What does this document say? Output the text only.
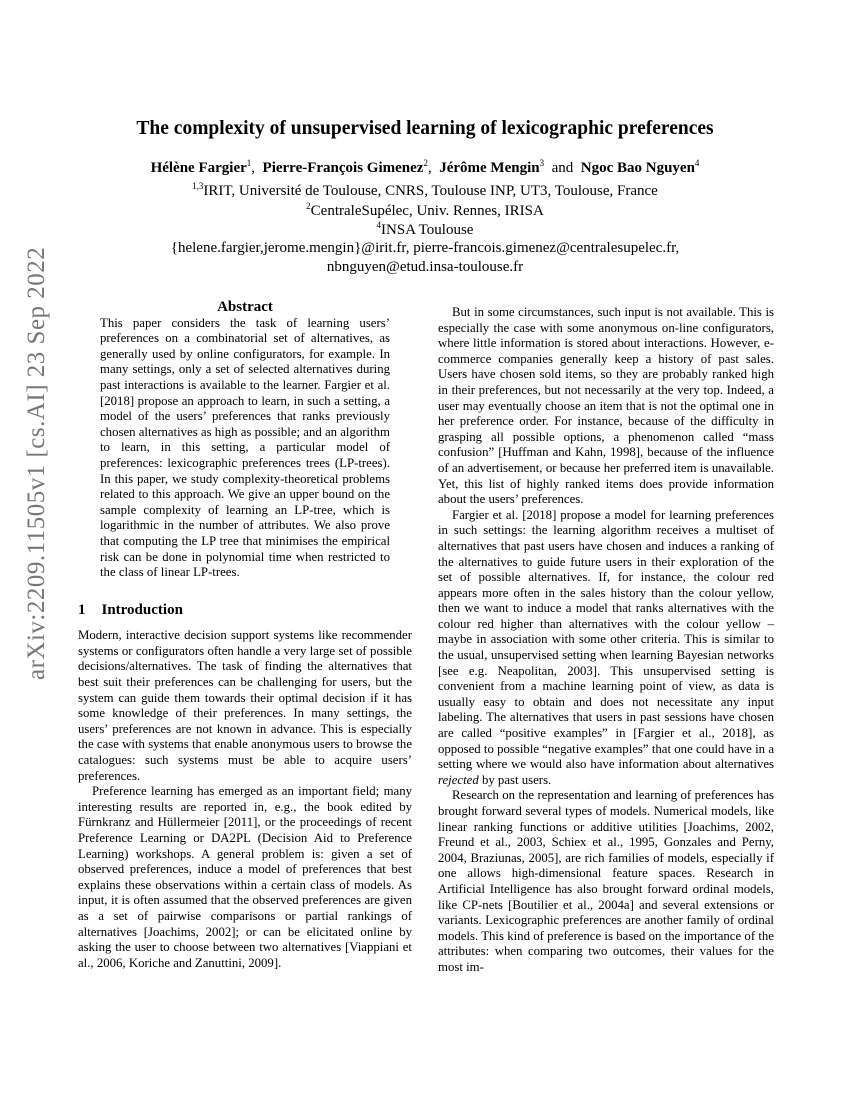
arXiv:2209.11505v1 [cs.AI] 23 Sep 2022
The complexity of unsupervised learning of lexicographic preferences
Hélène Fargier$^1$, Pierre-François Gimenez$^2$, Jérôme Mengin$^3$ and Ngoc Bao Nguyen$^4$
$^{1,3}$IRIT, Université de Toulouse, CNRS, Toulouse INP, UT3, Toulouse, France
$^2$CentraleSupélec, Univ. Rennes, IRISA
$^4$INSA Toulouse
{helene.fargier,jerome.mengin}@irit.fr, pierre-francois.gimenez@centralesupelec.fr,
nbnguyen@etud.insa-toulouse.fr

Abstract

This paper considers the task of learning users’ preferences on a combinatorial set of alternatives, as generally used by online configurators, for example. In many settings, only a set of selected alternatives during past interactions is available to the learner. Fargier et al. [2018] propose an approach to learn, in such a setting, a model of the users’ preferences that ranks previously chosen alternatives as high as possible; and an algorithm to learn, in this setting, a particular model of preferences: lexicographic preferences trees (LP-trees). In this paper, we study complexity-theoretical problems related to this approach. We give an upper bound on the sample complexity of learning an LP-tree, which is logarithmic in the number of attributes. We also prove that computing the LP tree that minimises the empirical risk can be done in polynomial time when restricted to the class of linear LP-trees.

1 Introduction

Modern, interactive decision support systems like recommender systems or configurators often handle a very large set of possible decisions/alternatives. The task of finding the alternatives that best suit their preferences can be challenging for users, but the system can guide them towards their optimal decision if it has some knowledge of their preferences. In many settings, the users’ preferences are not known in advance. This is especially the case with systems that enable anonymous users to browse the catalogues: such systems must be able to acquire users’ preferences.

Preference learning has emerged as an important field; many interesting results are reported in, e.g., the book edited by Fürnkranz and Hüllermeier [2011], or the proceedings of recent Preference Learning or DA2PL (Decision Aid to Preference Learning) workshops. A general problem is: given a set of observed preferences, induce a model of preferences that best explains these observations within a certain class of models. As input, it is often assumed that the observed preferences are given as a set of pairwise comparisons or partial rankings of alternatives [Joachims, 2002]; or can be elicitated online by asking the user to choose between two alternatives [Viappiani et al., 2006, Koriche and Zanuttini, 2009].

But in some circumstances, such input is not available. This is especially the case with some anonymous on-line configurators, where little information is stored about interactions. However, e-commerce companies generally keep a history of past sales. Users have chosen sold items, so they are probably ranked high in their preferences, but not necessarily at the very top. Indeed, a user may eventually choose an item that is not the optimal one in her preference order. For instance, because of the difficulty in grasping all possible options, a phenomenon called “mass confusion” [Huffman and Kahn, 1998], because of the influence of an advertisement, or because her preferred item is unavailable. Yet, this list of highly ranked items does provide information about the users’ preferences.

Fargier et al. [2018] propose a model for learning preferences in such settings: the learning algorithm receives a multiset of alternatives that past users have chosen and induces a ranking of the alternatives to guide future users in their exploration of the set of possible alternatives. If, for instance, the colour red appears more often in the sales history than the colour yellow, then we want to induce a model that ranks alternatives with the colour red higher than alternatives with the colour yellow – maybe in association with some other criteria. This is similar to the usual, unsupervised setting when learning Bayesian networks [see e.g. Neapolitan, 2003]. This unsupervised setting is convenient from a machine learning point of view, as data is usually easy to obtain and does not necessitate any input labeling. The alternatives that users in past sessions have chosen are called “positive examples” in [Fargier et al., 2018], as opposed to possible “negative examples” that one could have in a setting where we would also have information about alternatives rejected by past users.

Research on the representation and learning of preferences has brought forward several types of models. Numerical models, like linear ranking functions or additive utilities [Joachims, 2002, Freund et al., 2003, Schiex et al., 1995, Gonzales and Perny, 2004, Braziunas, 2005], are rich families of models, especially if one allows high-dimensional feature spaces. Research in Artificial Intelligence has also brought forward ordinal models, like CP-nets [Boutilier et al., 2004a] and several extensions or variants. Lexicographic preferences are another family of ordinal models. This kind of preference is based on the importance of the attributes: when comparing two outcomes, their values for the most im-
